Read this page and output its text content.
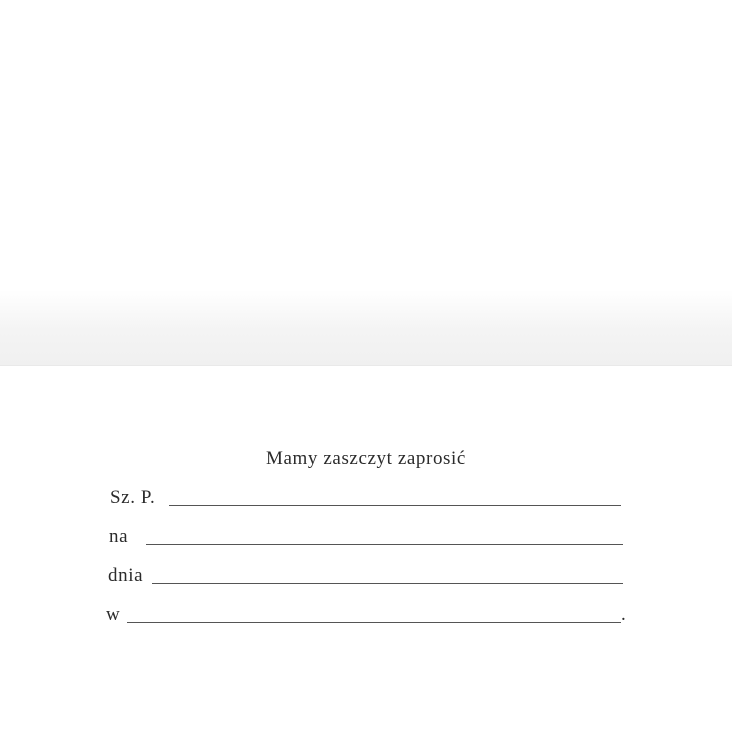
Mamy zaszczyt zaprosić
Sz. P.
na
dnia
w	.
